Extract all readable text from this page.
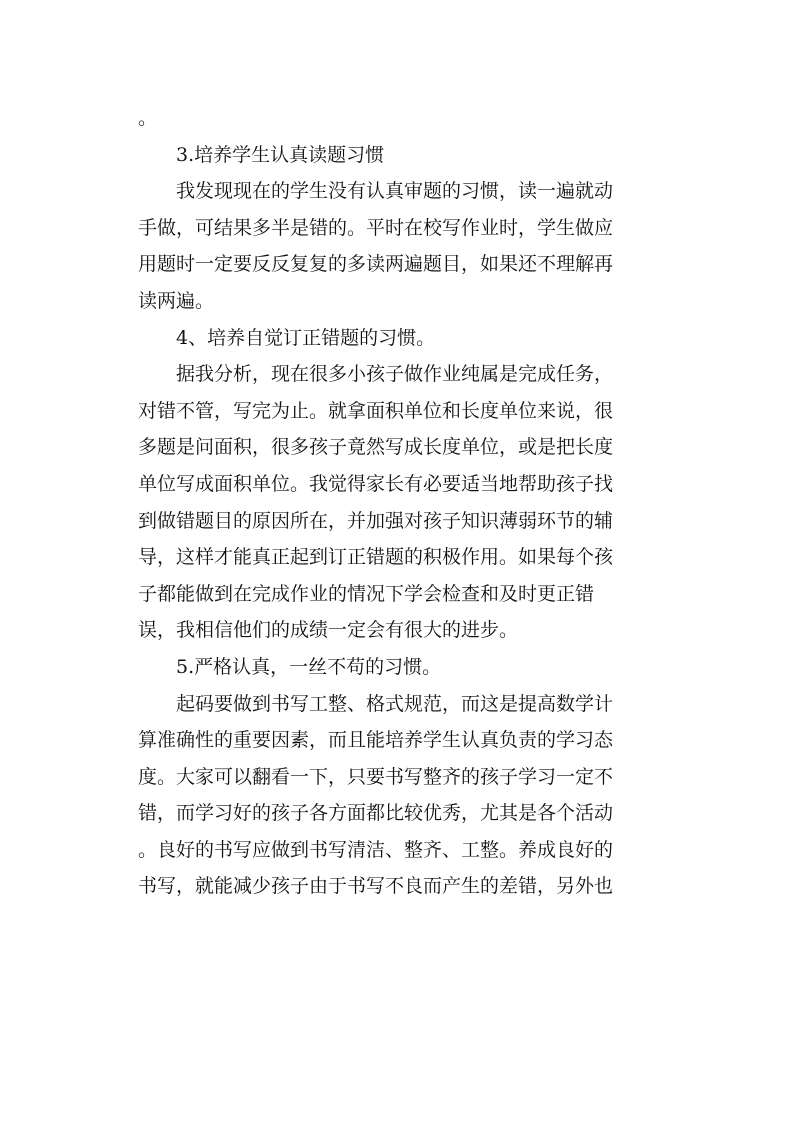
。
3.培养学生认真读题习惯
我发现现在的学生没有认真审题的习惯，读一遍就动
手做，可结果多半是错的。平时在校写作业时，学生做应
用题时一定要反反复复的多读两遍题目，如果还不理解再
读两遍。
4、培养自觉订正错题的习惯。
据我分析，现在很多小孩子做作业纯属是完成任务，
对错不管，写完为止。就拿面积单位和长度单位来说，很
多题是问面积，很多孩子竟然写成长度单位，或是把长度
单位写成面积单位。我觉得家长有必要适当地帮助孩子找
到做错题目的原因所在，并加强对孩子知识薄弱环节的辅
导，这样才能真正起到订正错题的积极作用。如果每个孩
子都能做到在完成作业的情况下学会检查和及时更正错
误，我相信他们的成绩一定会有很大的进步。
5.严格认真，一丝不苟的习惯。
起码要做到书写工整、格式规范，而这是提高数学计
算准确性的重要因素，而且能培养学生认真负责的学习态
度。大家可以翻看一下，只要书写整齐的孩子学习一定不
错，而学习好的孩子各方面都比较优秀，尤其是各个活动
。良好的书写应做到书写清洁、整齐、工整。养成良好的
书写，就能减少孩子由于书写不良而产生的差错，另外也
